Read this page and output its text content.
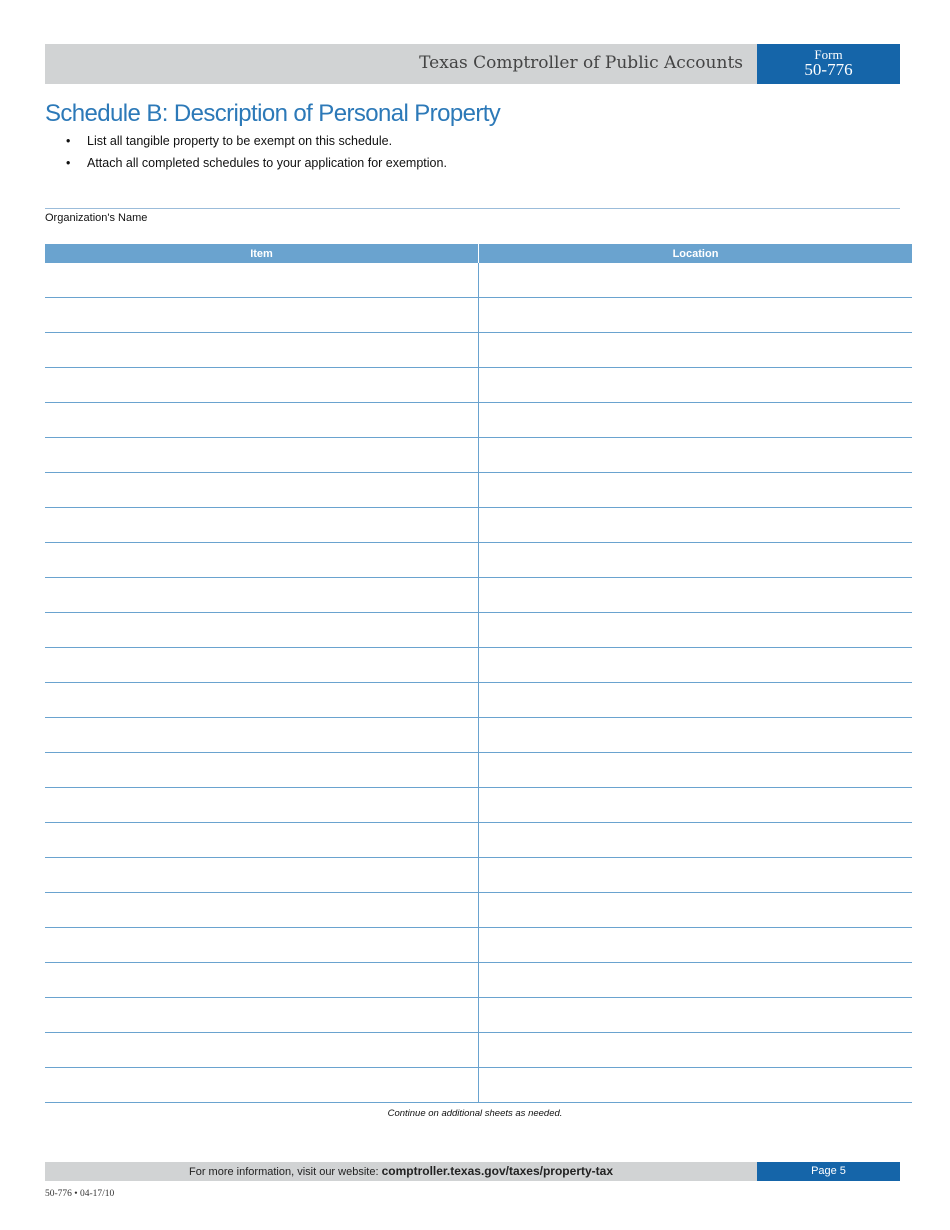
Texas Comptroller of Public Accounts	Form
50-776
Schedule B: Description of Personal Property
• List all tangible property to be exempt on this schedule.
• Attach all completed schedules to your application for exemption.
Organization's Name
Item	Location
Continue on additional sheets as needed.
For more information, visit our website: comptroller.texas.gov/taxes/property-tax	Page 5
50-776 • 04-17/10
